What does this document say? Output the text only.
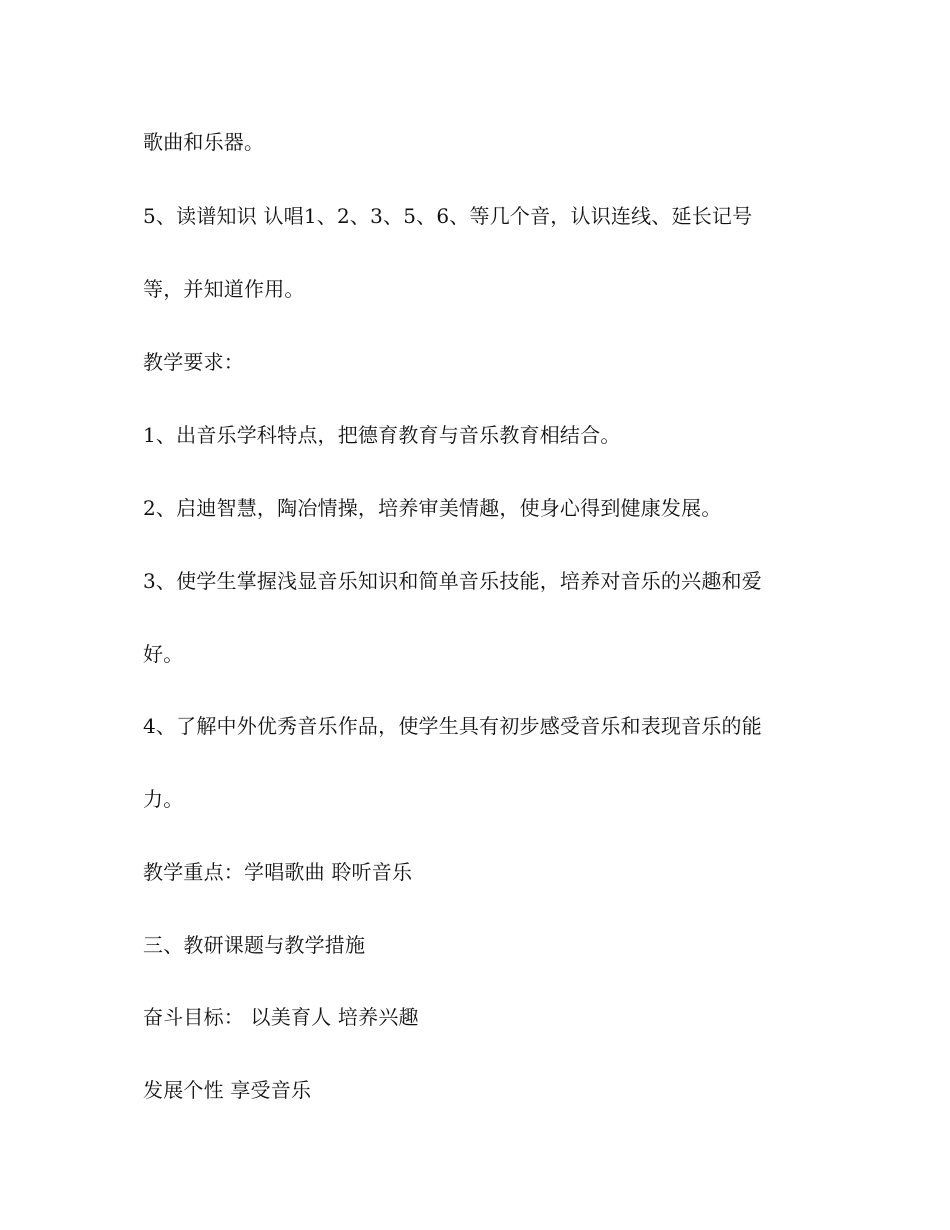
歌曲和乐器。
5、读谱知识 认唱1、2、3、5、6、等几个音，认识连线、延长记号
等，并知道作用。
教学要求：
1、出音乐学科特点，把德育教育与音乐教育相结合。
2、启迪智慧，陶冶情操，培养审美情趣，使身心得到健康发展。
3、使学生掌握浅显音乐知识和简单音乐技能，培养对音乐的兴趣和爱
好。
4、了解中外优秀音乐作品，使学生具有初步感受音乐和表现音乐的能
力。
教学重点：学唱歌曲 聆听音乐
三、教研课题与教学措施
奋斗目标： 以美育人 培养兴趣
发展个性 享受音乐
